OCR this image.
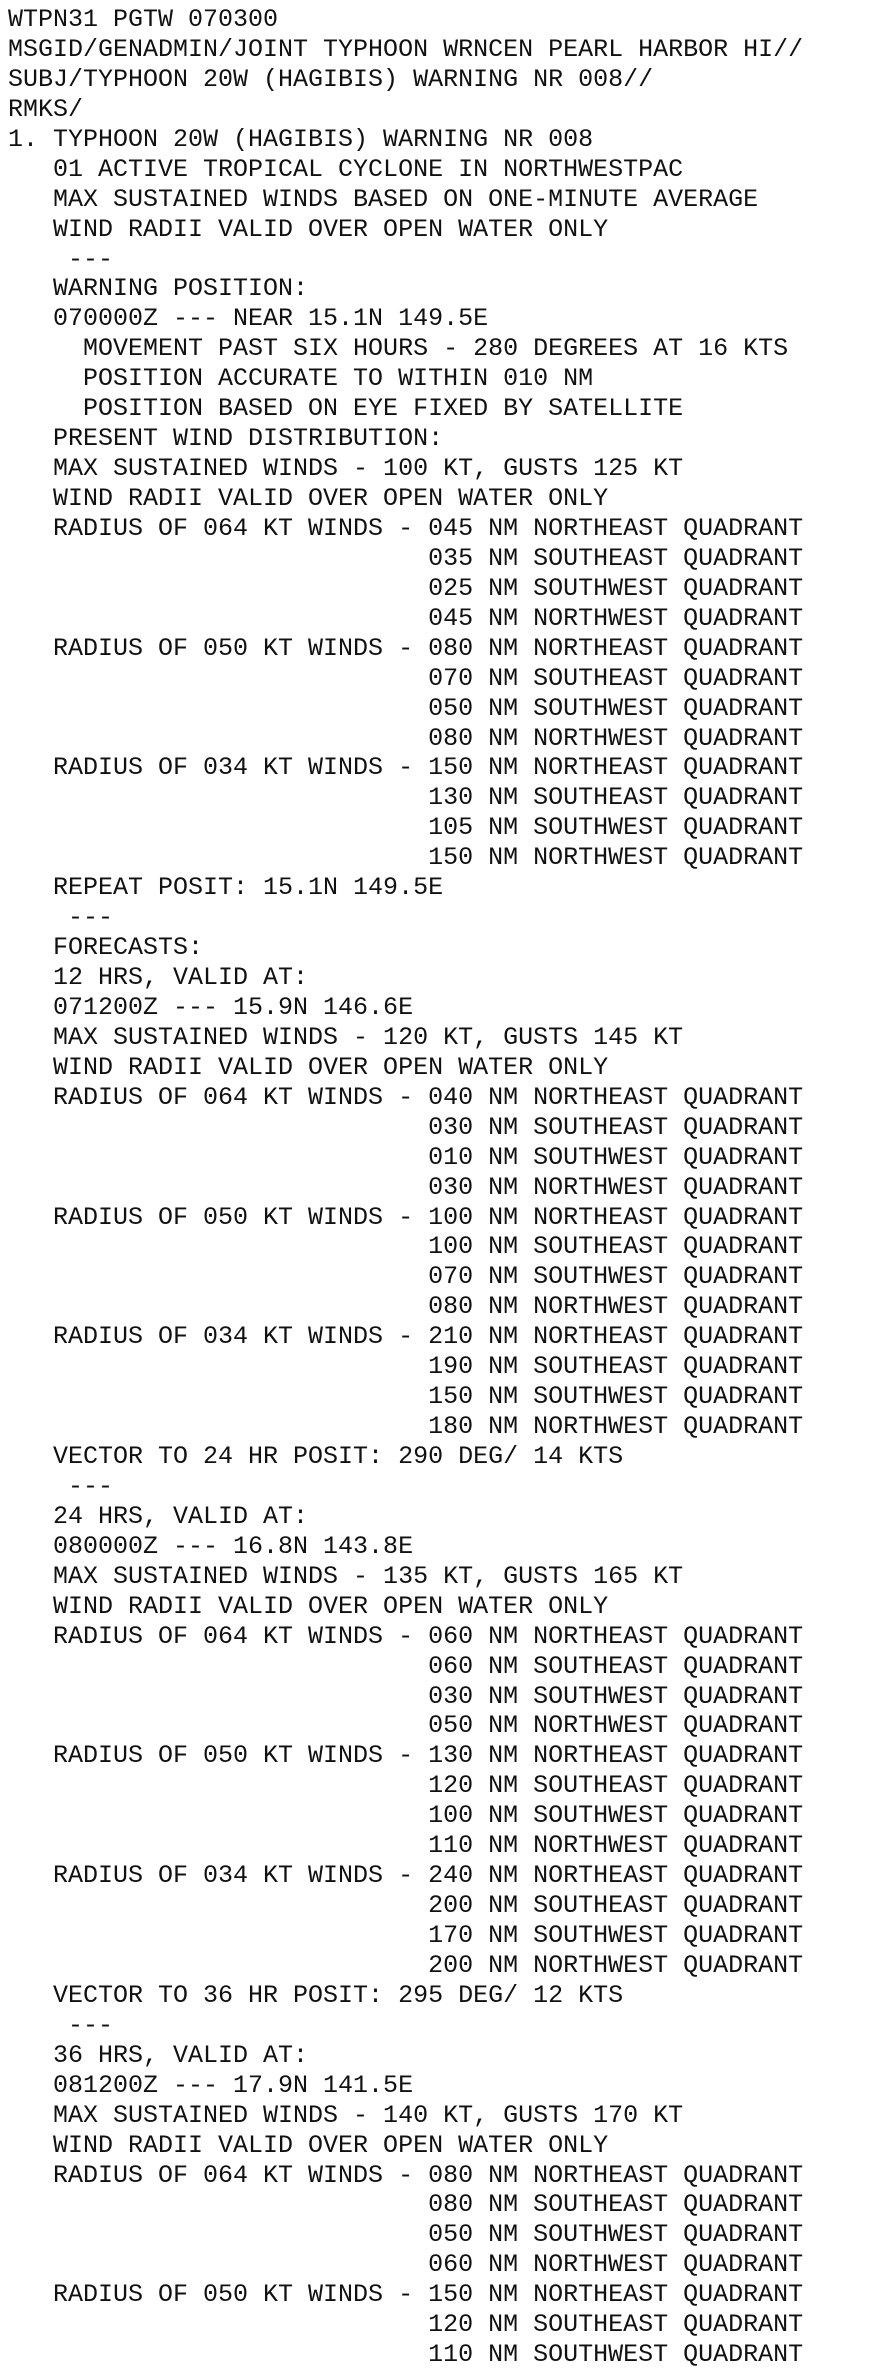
WTPN31 PGTW 070300
MSGID/GENADMIN/JOINT TYPHOON WRNCEN PEARL HARBOR HI//
SUBJ/TYPHOON 20W (HAGIBIS) WARNING NR 008//
RMKS/
1. TYPHOON 20W (HAGIBIS) WARNING NR 008
01 ACTIVE TROPICAL CYCLONE IN NORTHWESTPAC
MAX SUSTAINED WINDS BASED ON ONE-MINUTE AVERAGE
WIND RADII VALID OVER OPEN WATER ONLY
---
WARNING POSITION:
070000Z --- NEAR 15.1N 149.5E
MOVEMENT PAST SIX HOURS - 280 DEGREES AT 16 KTS
POSITION ACCURATE TO WITHIN 010 NM
POSITION BASED ON EYE FIXED BY SATELLITE
PRESENT WIND DISTRIBUTION:
MAX SUSTAINED WINDS - 100 KT, GUSTS 125 KT
WIND RADII VALID OVER OPEN WATER ONLY
RADIUS OF 064 KT WINDS - 045 NM NORTHEAST QUADRANT
035 NM SOUTHEAST QUADRANT
025 NM SOUTHWEST QUADRANT
045 NM NORTHWEST QUADRANT
RADIUS OF 050 KT WINDS - 080 NM NORTHEAST QUADRANT
070 NM SOUTHEAST QUADRANT
050 NM SOUTHWEST QUADRANT
080 NM NORTHWEST QUADRANT
RADIUS OF 034 KT WINDS - 150 NM NORTHEAST QUADRANT
130 NM SOUTHEAST QUADRANT
105 NM SOUTHWEST QUADRANT
150 NM NORTHWEST QUADRANT
REPEAT POSIT: 15.1N 149.5E
---
FORECASTS:
12 HRS, VALID AT:
071200Z --- 15.9N 146.6E
MAX SUSTAINED WINDS - 120 KT, GUSTS 145 KT
WIND RADII VALID OVER OPEN WATER ONLY
RADIUS OF 064 KT WINDS - 040 NM NORTHEAST QUADRANT
030 NM SOUTHEAST QUADRANT
010 NM SOUTHWEST QUADRANT
030 NM NORTHWEST QUADRANT
RADIUS OF 050 KT WINDS - 100 NM NORTHEAST QUADRANT
100 NM SOUTHEAST QUADRANT
070 NM SOUTHWEST QUADRANT
080 NM NORTHWEST QUADRANT
RADIUS OF 034 KT WINDS - 210 NM NORTHEAST QUADRANT
190 NM SOUTHEAST QUADRANT
150 NM SOUTHWEST QUADRANT
180 NM NORTHWEST QUADRANT
VECTOR TO 24 HR POSIT: 290 DEG/ 14 KTS
---
24 HRS, VALID AT:
080000Z --- 16.8N 143.8E
MAX SUSTAINED WINDS - 135 KT, GUSTS 165 KT
WIND RADII VALID OVER OPEN WATER ONLY
RADIUS OF 064 KT WINDS - 060 NM NORTHEAST QUADRANT
060 NM SOUTHEAST QUADRANT
030 NM SOUTHWEST QUADRANT
050 NM NORTHWEST QUADRANT
RADIUS OF 050 KT WINDS - 130 NM NORTHEAST QUADRANT
120 NM SOUTHEAST QUADRANT
100 NM SOUTHWEST QUADRANT
110 NM NORTHWEST QUADRANT
RADIUS OF 034 KT WINDS - 240 NM NORTHEAST QUADRANT
200 NM SOUTHEAST QUADRANT
170 NM SOUTHWEST QUADRANT
200 NM NORTHWEST QUADRANT
VECTOR TO 36 HR POSIT: 295 DEG/ 12 KTS
---
36 HRS, VALID AT:
081200Z --- 17.9N 141.5E
MAX SUSTAINED WINDS - 140 KT, GUSTS 170 KT
WIND RADII VALID OVER OPEN WATER ONLY
RADIUS OF 064 KT WINDS - 080 NM NORTHEAST QUADRANT
080 NM SOUTHEAST QUADRANT
050 NM SOUTHWEST QUADRANT
060 NM NORTHWEST QUADRANT
RADIUS OF 050 KT WINDS - 150 NM NORTHEAST QUADRANT
120 NM SOUTHEAST QUADRANT
110 NM SOUTHWEST QUADRANT
